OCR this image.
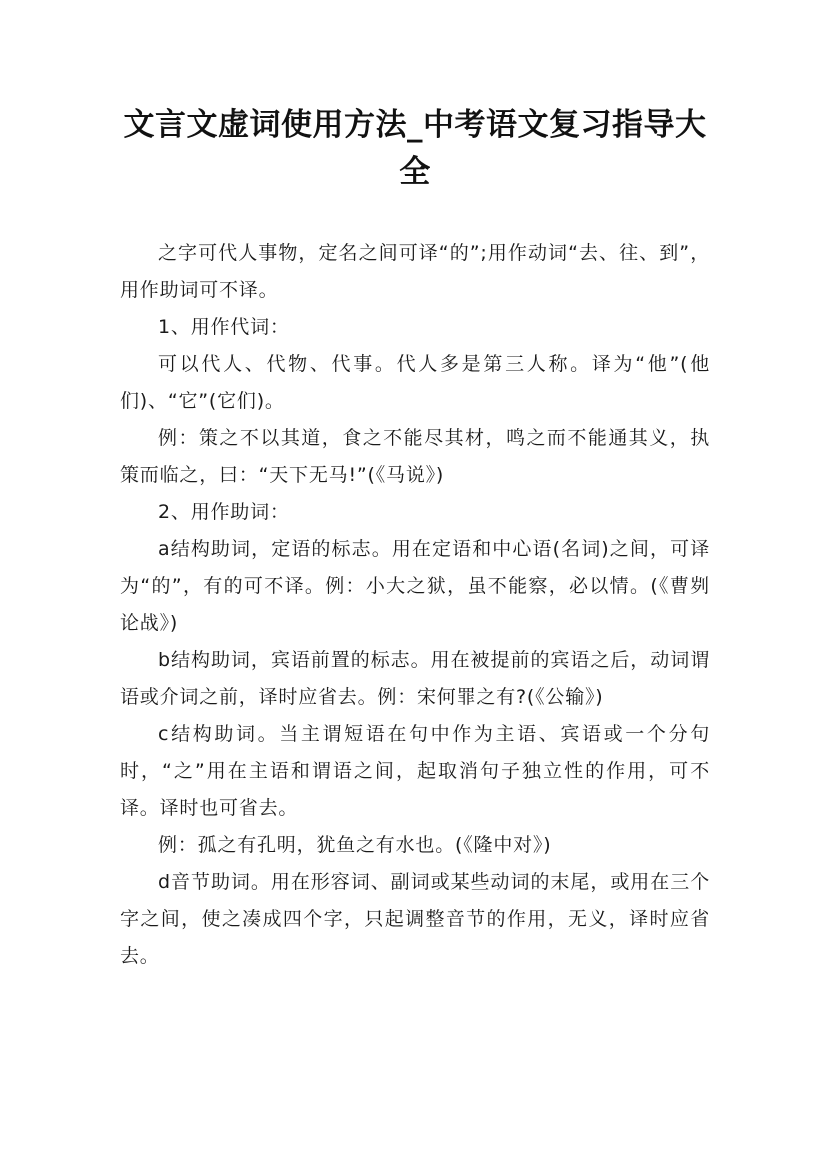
文言文虚词使用方法_中考语文复习指导大全

之字可代人事物，定名之间可译“的”;用作动词“去、往、到”，用作助词可不译。

1、用作代词：

可以代人、代物、代事。代人多是第三人称。译为“他”(他们)、“它”(它们)。

例：策之不以其道，食之不能尽其材，鸣之而不能通其义，执策而临之，曰：“天下无马!”(《马说》)

2、用作助词：

a结构助词，定语的标志。用在定语和中心语(名词)之间，可译为“的”，有的可不译。例：小大之狱，虽不能察，必以情。(《曹刿论战》)

b结构助词，宾语前置的标志。用在被提前的宾语之后，动词谓语或介词之前，译时应省去。例：宋何罪之有?(《公输》)

c结构助词。当主谓短语在句中作为主语、宾语或一个分句时，“之”用在主语和谓语之间，起取消句子独立性的作用，可不译。译时也可省去。

例：孤之有孔明，犹鱼之有水也。(《隆中对》)

d音节助词。用在形容词、副词或某些动词的末尾，或用在三个字之间，使之凑成四个字，只起调整音节的作用，无义，译时应省去。
